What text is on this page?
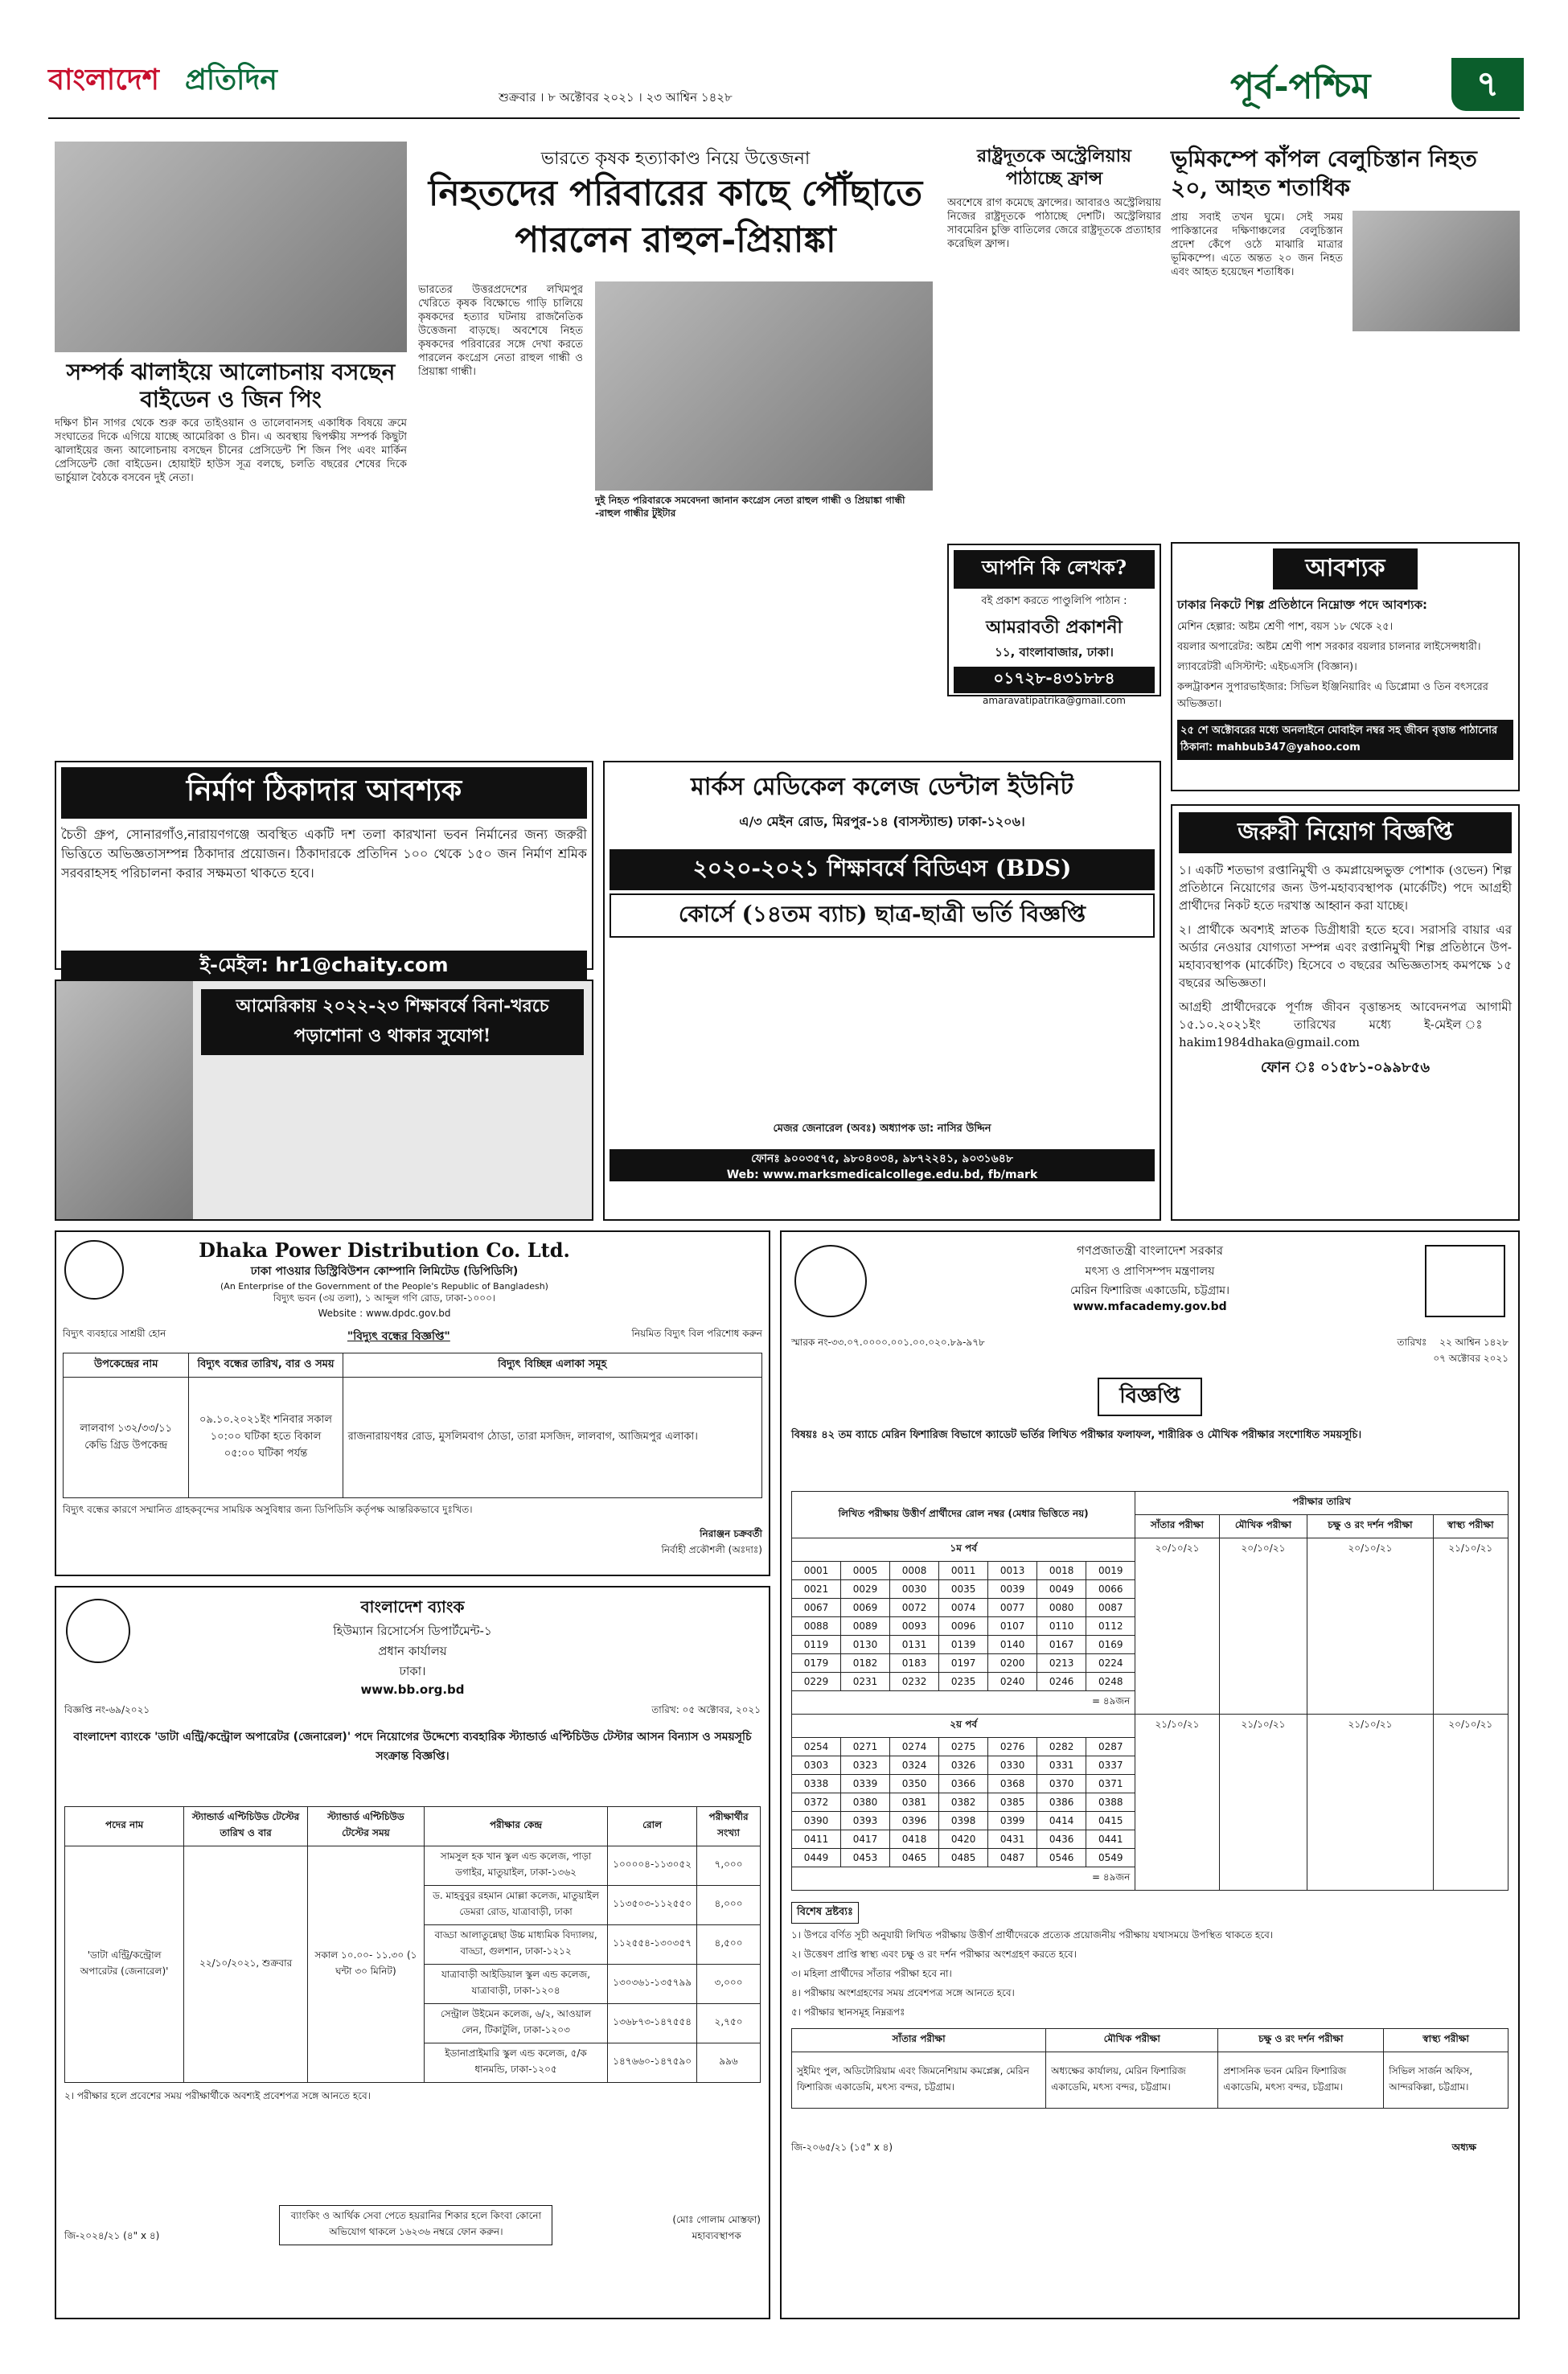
বাংলাদেশ প্রতিদিন
শুক্রবার । ৮ অক্টোবর ২০২১ । ২৩ আশ্বিন ১৪২৮	পূর্ব-পশ্চিম	৭
সম্পর্ক ঝালাইয়ে আলোচনায় বসছেন বাইডেন ও জিন পিং
দক্ষিণ চীন সাগর থেকে শুরু করে তাইওয়ান ও তালেবানসহ একাধিক বিষয়ে ক্রমে সংঘাতের দিকে এগিয়ে যাচ্ছে আমেরিকা ও চীন। এ অবস্থায় দ্বিপক্ষীয় সম্পর্ক কিছুটা ঝালাইয়ের জন্য আলোচনায় বসছেন চীনের প্রেসিডেন্ট শি জিন পিং এবং মার্কিন প্রেসিডেন্ট জো বাইডেন। হোয়াইট হাউস সূত্র বলছে, চলতি বছরের শেষের দিকে ভার্চুয়াল বৈঠকে বসবেন দুই নেতা।
ভারতে কৃষক হত্যাকাণ্ড নিয়ে উত্তেজনা
নিহতদের পরিবারের কাছে পৌঁছাতে পারলেন রাহুল-প্রিয়াঙ্কা
ভারতের উত্তরপ্রদেশের লখিমপুর খেরিতে কৃষক বিক্ষোভে গাড়ি চালিয়ে কৃষকদের হত্যার ঘটনায় রাজনৈতিক উত্তেজনা বাড়ছে। অবশেষে নিহত কৃষকদের পরিবারের সঙ্গে দেখা করতে পারলেন কংগ্রেস নেতা রাহুল গান্ধী ও প্রিয়াঙ্কা গান্ধী।
দুই নিহত পরিবারকে সমবেদনা জানান কংগ্রেস নেতা রাহুল গান্ধী ও প্রিয়াঙ্কা গান্ধী -রাহুল গান্ধীর টুইটার
রাষ্ট্রদূতকে অস্ট্রেলিয়ায় পাঠাচ্ছে ফ্রান্স
অবশেষে রাগ কমেছে ফ্রান্সের। আবারও অস্ট্রেলিয়ায় নিজের রাষ্ট্রদূতকে পাঠাচ্ছে দেশটি। অস্ট্রেলিয়ার সাবমেরিন চুক্তি বাতিলের জেরে রাষ্ট্রদূতকে প্রত্যাহার করেছিল ফ্রান্স।
আপনি কি লেখক?
বই প্রকাশ করতে পাণ্ডুলিপি পাঠান :
আমরাবতী প্রকাশনী
১১, বাংলাবাজার, ঢাকা।
০১৭২৮-৪৩১৮৮৪
amaravatipatrika@gmail.com
ভূমিকম্পে কাঁপল বেলুচিস্তান নিহত ২০, আহত শতাধিক
প্রায় সবাই তখন ঘুমে। সেই সময় পাকিস্তানের দক্ষিণাঞ্চলের বেলুচিস্তান প্রদেশ কেঁপে ওঠে মাঝারি মাত্রার ভূমিকম্পে। এতে অন্তত ২০ জন নিহত এবং আহত হয়েছেন শতাধিক।
আবশ্যক
ঢাকার নিকটে শিল্প প্রতিষ্ঠানে নিম্নোক্ত পদে আবশ্যক:
মেশিন হেল্পার: অষ্টম শ্রেণী পাশ, বয়স ১৮ থেকে ২৫।
বয়লার অপারেটর: অষ্টম শ্রেণী পাশ সরকার বয়লার চালনার লাইসেন্সধারী।
ল্যাবরেটরী এসিস্টান্ট: এইচএসসি (বিজ্ঞান)।
কন্সট্রাকশন সুপারভাইজার: সিভিল ইঞ্জিনিয়ারিং এ ডিপ্লোমা ও তিন বৎসরের অভিজ্ঞতা।
২৫ শে অক্টোবরের মধ্যে অনলাইনে মোবাইল নম্বর সহ জীবন বৃত্তান্ত পাঠানোর ঠিকানা: mahbub347@yahoo.com
নির্মাণ ঠিকাদার আবশ্যক
চৈতী গ্রুপ, সোনারগাঁও,নারায়ণগঞ্জে অবস্থিত একটি দশ তলা কারখানা ভবন নির্মানের জন্য জরুরী ভিত্তিতে অভিজ্ঞতাসম্পন্ন ঠিকাদার প্রয়োজন। ঠিকাদারকে প্রতিদিন ১০০ থেকে ১৫০ জন নির্মাণ শ্রমিক সরবরাহসহ পরিচালনা করার সক্ষমতা থাকতে হবে।
ই-মেইল: hr1@chaity.com
আমেরিকায় ২০২২-২৩ শিক্ষাবর্ষে বিনা-খরচে পড়াশোনা ও থাকার সুযোগ!
মার্কস মেডিকেল কলেজ ডেন্টাল ইউনিট
এ/৩ মেইন রোড, মিরপুর-১৪ (বাসস্ট্যান্ড) ঢাকা-১২০৬।
২০২০-২০২১ শিক্ষাবর্ষে বিডিএস (BDS)
কোর্সে (১৪তম ব্যাচ) ছাত্র-ছাত্রী ভর্তি বিজ্ঞপ্তি
মেজর জেনারেল (অবঃ) অধ্যাপক ডা: নাসির উদ্দিন
ফোনঃ ৯০০৩৫৭৫, ৯৮০৪০৩৪, ৯৮৭২২৪১, ৯০৩১৬৪৮
Web: www.marksmedicalcollege.edu.bd, fb/mark
জরুরী নিয়োগ বিজ্ঞপ্তি
১। একটি শতভাগ রপ্তানিমুখী ও কমপ্লায়েন্সভুক্ত পোশাক (ওভেন) শিল্প প্রতিষ্ঠানে নিয়োগের জন্য উপ-মহাব্যবস্থাপক (মার্কেটিং) পদে আগ্রহী প্রার্থীদের নিকট হতে দরখাস্ত আহ্বান করা যাচ্ছে।
২। প্রার্থীকে অবশ্যই স্নাতক ডিগ্রীধারী হতে হবে। সরাসরি বায়ার এর অর্ডার নেওয়ার যোগ্যতা সম্পন্ন এবং রপ্তানিমুখী শিল্প প্রতিষ্ঠানে উপ-মহাব্যবস্থাপক (মার্কেটিং) হিসেবে ৩ বছরের অভিজ্ঞতাসহ কমপক্ষে ১৫ বছরের অভিজ্ঞতা।
আগ্রহী প্রার্থীদেরকে পূর্ণাঙ্গ জীবন বৃত্তান্তসহ আবেদনপত্র আগামী ১৫.১০.২০২১ইং তারিখের মধ্যে ই-মেইল ঃ hakim1984dhaka@gmail.com
ফোন ঃ ০১৫৮১-০৯৯৮৫৬
Dhaka Power Distribution Co. Ltd.
ঢাকা পাওয়ার ডিস্ট্রিবিউশন কোম্পানি লিমিটেড (ডিপিডিসি)
(An Enterprise of the Government of the People's Republic of Bangladesh)
বিদ্যুৎ ভবন (৩য় তলা), ১ আব্দুল গণি রোড, ঢাকা-১০০০।
Website : www.dpdc.gov.bd
বিদ্যুৎ ব্যবহারে সাশ্রয়ী হোন	"বিদ্যুৎ বন্ধের বিজ্ঞপ্তি"	নিয়মিত বিদ্যুৎ বিল পরিশোধ করুন
উপকেন্দ্রের নাম	বিদ্যুৎ বন্ধের তারিখ, বার ও সময়	বিদ্যুৎ বিচ্ছিন্ন এলাকা সমূহ
লালবাগ ১৩২/৩৩/১১ কেভি গ্রিড উপকেন্দ্র	০৯.১০.২০২১ইং শনিবার সকাল ১০:০০ ঘটিকা হতে বিকাল ০৫:০০ ঘটিকা পর্যন্ত	রাজনারায়ণধর রোড, মুসলিমবাগ ঠোডা, তারা মসজিদ, লালবাগ, আজিমপুর এলাকা।
বিদ্যুৎ বন্ধের কারণে সম্মানিত গ্রাহকবৃন্দের সাময়িক অসুবিধার জন্য ডিপিডিসি কর্তৃপক্ষ আন্তরিকভাবে দুঃখিত।
নিরাঞ্জন চক্রবর্তী
নির্বাহী প্রকৌশলী (অঃদাঃ)
বাংলাদেশ ব্যাংক
হিউম্যান রিসোর্সেস ডিপার্টমেন্ট-১
প্রধান কার্যালয়
ঢাকা।
www.bb.org.bd
বিজ্ঞপ্তি নং-৬৯/২০২১	তারিখ: ০৫ অক্টোবর, ২০২১
বাংলাদেশ ব্যাংকে 'ডাটা এন্ট্রি/কন্ট্রোল অপারেটর (জেনারেল)' পদে নিয়োগের উদ্দেশ্যে ব্যবহারিক স্ট্যান্ডার্ড এপ্টিচিউড টেস্টার আসন বিন্যাস ও সময়সূচি সংক্রান্ত বিজ্ঞপ্তি।
পদের নাম	স্ট্যান্ডার্ড এপ্টিচিউড টেস্টের তারিখ ও বার	স্ট্যান্ডার্ড এপ্টিচিউড টেস্টের সময়	পরীক্ষার কেন্দ্র	রোল	পরীক্ষার্থীর সংখ্যা
'ডাটা এন্ট্রি/কন্ট্রোল অপারেটর (জেনারেল)'	২২/১০/২০২১, শুক্রবার	সকাল ১০.০০- ১১.৩০ (১ ঘন্টা ৩০ মিনিট)	সামসুল হক খান স্কুল এন্ড কলেজ, পাড়া ডগাইর, মাতুয়াইল, ঢাকা-১৩৬২	১০০০০৪-১১৩০৫২	৭,০০০
			ড. মাহবুবুর রহমান মোল্লা কলেজ, মাতুয়াইল ডেমরা রোড, যাত্রাবাড়ী, ঢাকা	১১৩৫০৩-১১২৫৫০	৪,০০০
			বাড্ডা আলাতুন্নেছা উচ্চ মাধ্যমিক বিদ্যালয়, বাড্ডা, গুলশান, ঢাকা-১২১২	১১২৫৫৪-১৩০৩৫৭	৪,৫০০
			যাত্রাবাড়ী আইডিয়াল স্কুল এন্ড কলেজ, যাত্রাবাড়ী, ঢাকা-১২০৪	১৩০৩৬১-১৩৫৭৯৯	৩,০০০
			সেন্ট্রাল উইমেন কলেজ, ৬/২, আওয়াল লেন, টিকাটুলি, ঢাকা-১২০৩	১৩৬৮৭৩-১৪৭৫৫৪	২,৭৫০
			ইডানাপ্রাইমারি স্কুল এন্ড কলেজ, ৫/ক ধানমন্ডি, ঢাকা-১২০৫	১৪৭৬৬০-১৪৭৫৯০	৯৯৬
২। পরীক্ষার হলে প্রবেশের সময় পরীক্ষার্থীকে অবশ্যই প্রবেশপত্র সঙ্গে আনতে হবে।
জি-২০২৪/২১ (৪" x ৪)
ব্যাংকিং ও আর্থিক সেবা পেতে হয়রানির শিকার হলে কিংবা কোনো অভিযোগ থাকলে ১৬২৩৬ নম্বরে ফোন করুন।
(মোঃ গোলাম মোস্তফা)
মহাব্যবস্থাপক
গণপ্রজাতন্ত্রী বাংলাদেশ সরকার
মৎস্য ও প্রাণিসম্পদ মন্ত্রণালয়
মেরিন ফিশারিজ একাডেমি, চট্টগ্রাম।
www.mfacademy.gov.bd
স্মারক নং-৩৩.০৭.০০০০.০০১.০০.০২০.৮৯-৯৭৮	তারিখঃ	২২ আশ্বিন ১৪২৮
০৭ অক্টোবর ২০২১
বিজ্ঞপ্তি
বিষয়ঃ ৪২ তম ব্যাচে মেরিন ফিশারিজ বিভাগে ক্যাডেট ভর্তির লিখিত পরীক্ষার ফলাফল, শারীরিক ও মৌখিক পরীক্ষার সংশোধিত সময়সূচি।
লিখিত পরীক্ষায় উত্তীর্ণ প্রার্থীদের রোল নম্বর (মেধার ভিত্তিতে নয়)							পরীক্ষার তারিখ			
							সাঁতার পরীক্ষা	মৌখিক পরীক্ষা	চক্ষু ও রং দর্শন পরীক্ষা	স্বাস্থ্য পরীক্ষা
১ম পর্ব							২০/১০/২১	২০/১০/২১	২০/১০/২১	২১/১০/২১
0001	0005	0008	0011	0013	0018	0019				
0021	0029	0030	0035	0039	0049	0066				
0067	0069	0072	0074	0077	0080	0087				
0088	0089	0093	0096	0107	0110	0112				
0119	0130	0131	0139	0140	0167	0169				
0179	0182	0183	0197	0200	0213	0224				
0229	0231	0232	0235	0240	0246	0248				
= ৪৯জন										
২য় পর্ব							২১/১০/২১	২১/১০/২১	২১/১০/২১	২০/১০/২১
0254	0271	0274	0275	0276	0282	0287				
0303	0323	0324	0326	0330	0331	0337				
0338	0339	0350	0366	0368	0370	0371				
0372	0380	0381	0382	0385	0386	0388				
0390	0393	0396	0398	0399	0414	0415				
0411	0417	0418	0420	0431	0436	0441				
0449	0453	0465	0485	0487	0546	0549				
= ৪৯জন										
বিশেষ দ্রষ্টব্যঃ
১। উপরে বর্ণিত সূচী অনুযায়ী লিখিত পরীক্ষায় উত্তীর্ণ প্রার্থীদেরকে প্রত্যেক প্রয়োজনীয় পরীক্ষায় যথাসময়ে উপস্থিত থাকতে হবে।
২। উত্তেষণ প্রাপ্তি স্বাস্থ্য এবং চক্ষু ও রং দর্শন পরীক্ষার অংশগ্রহণ করতে হবে।
৩। মহিলা প্রার্থীদের সাঁতার পরীক্ষা হবে না।
৪। পরীক্ষায় অংশগ্রহণের সময় প্রবেশপত্র সঙ্গে আনতে হবে।
৫। পরীক্ষার স্থানসমূহ নিম্নরূপঃ
সাঁতার পরীক্ষা	মৌখিক পরীক্ষা	চক্ষু ও রং দর্শন পরীক্ষা	স্বাস্থ্য পরীক্ষা
সুইমিং পুল, অডিটোরিয়াম এবং জিমনেশিয়াম কমপ্লেক্স, মেরিন ফিশারিজ একাডেমি, মৎস্য বন্দর, চট্টগ্রাম।	অধ্যক্ষের কার্যালয়, মেরিন ফিশারিজ একাডেমি, মৎস্য বন্দর, চট্টগ্রাম।	প্রশাসনিক ভবন মেরিন ফিশারিজ একাডেমি, মৎস্য বন্দর, চট্টগ্রাম।	সিভিল সার্জন অফিস, আন্দরকিল্লা, চট্টগ্রাম।
জি-২০৬৫/২১ (১৫" x ৪)	অধ্যক্ষ
